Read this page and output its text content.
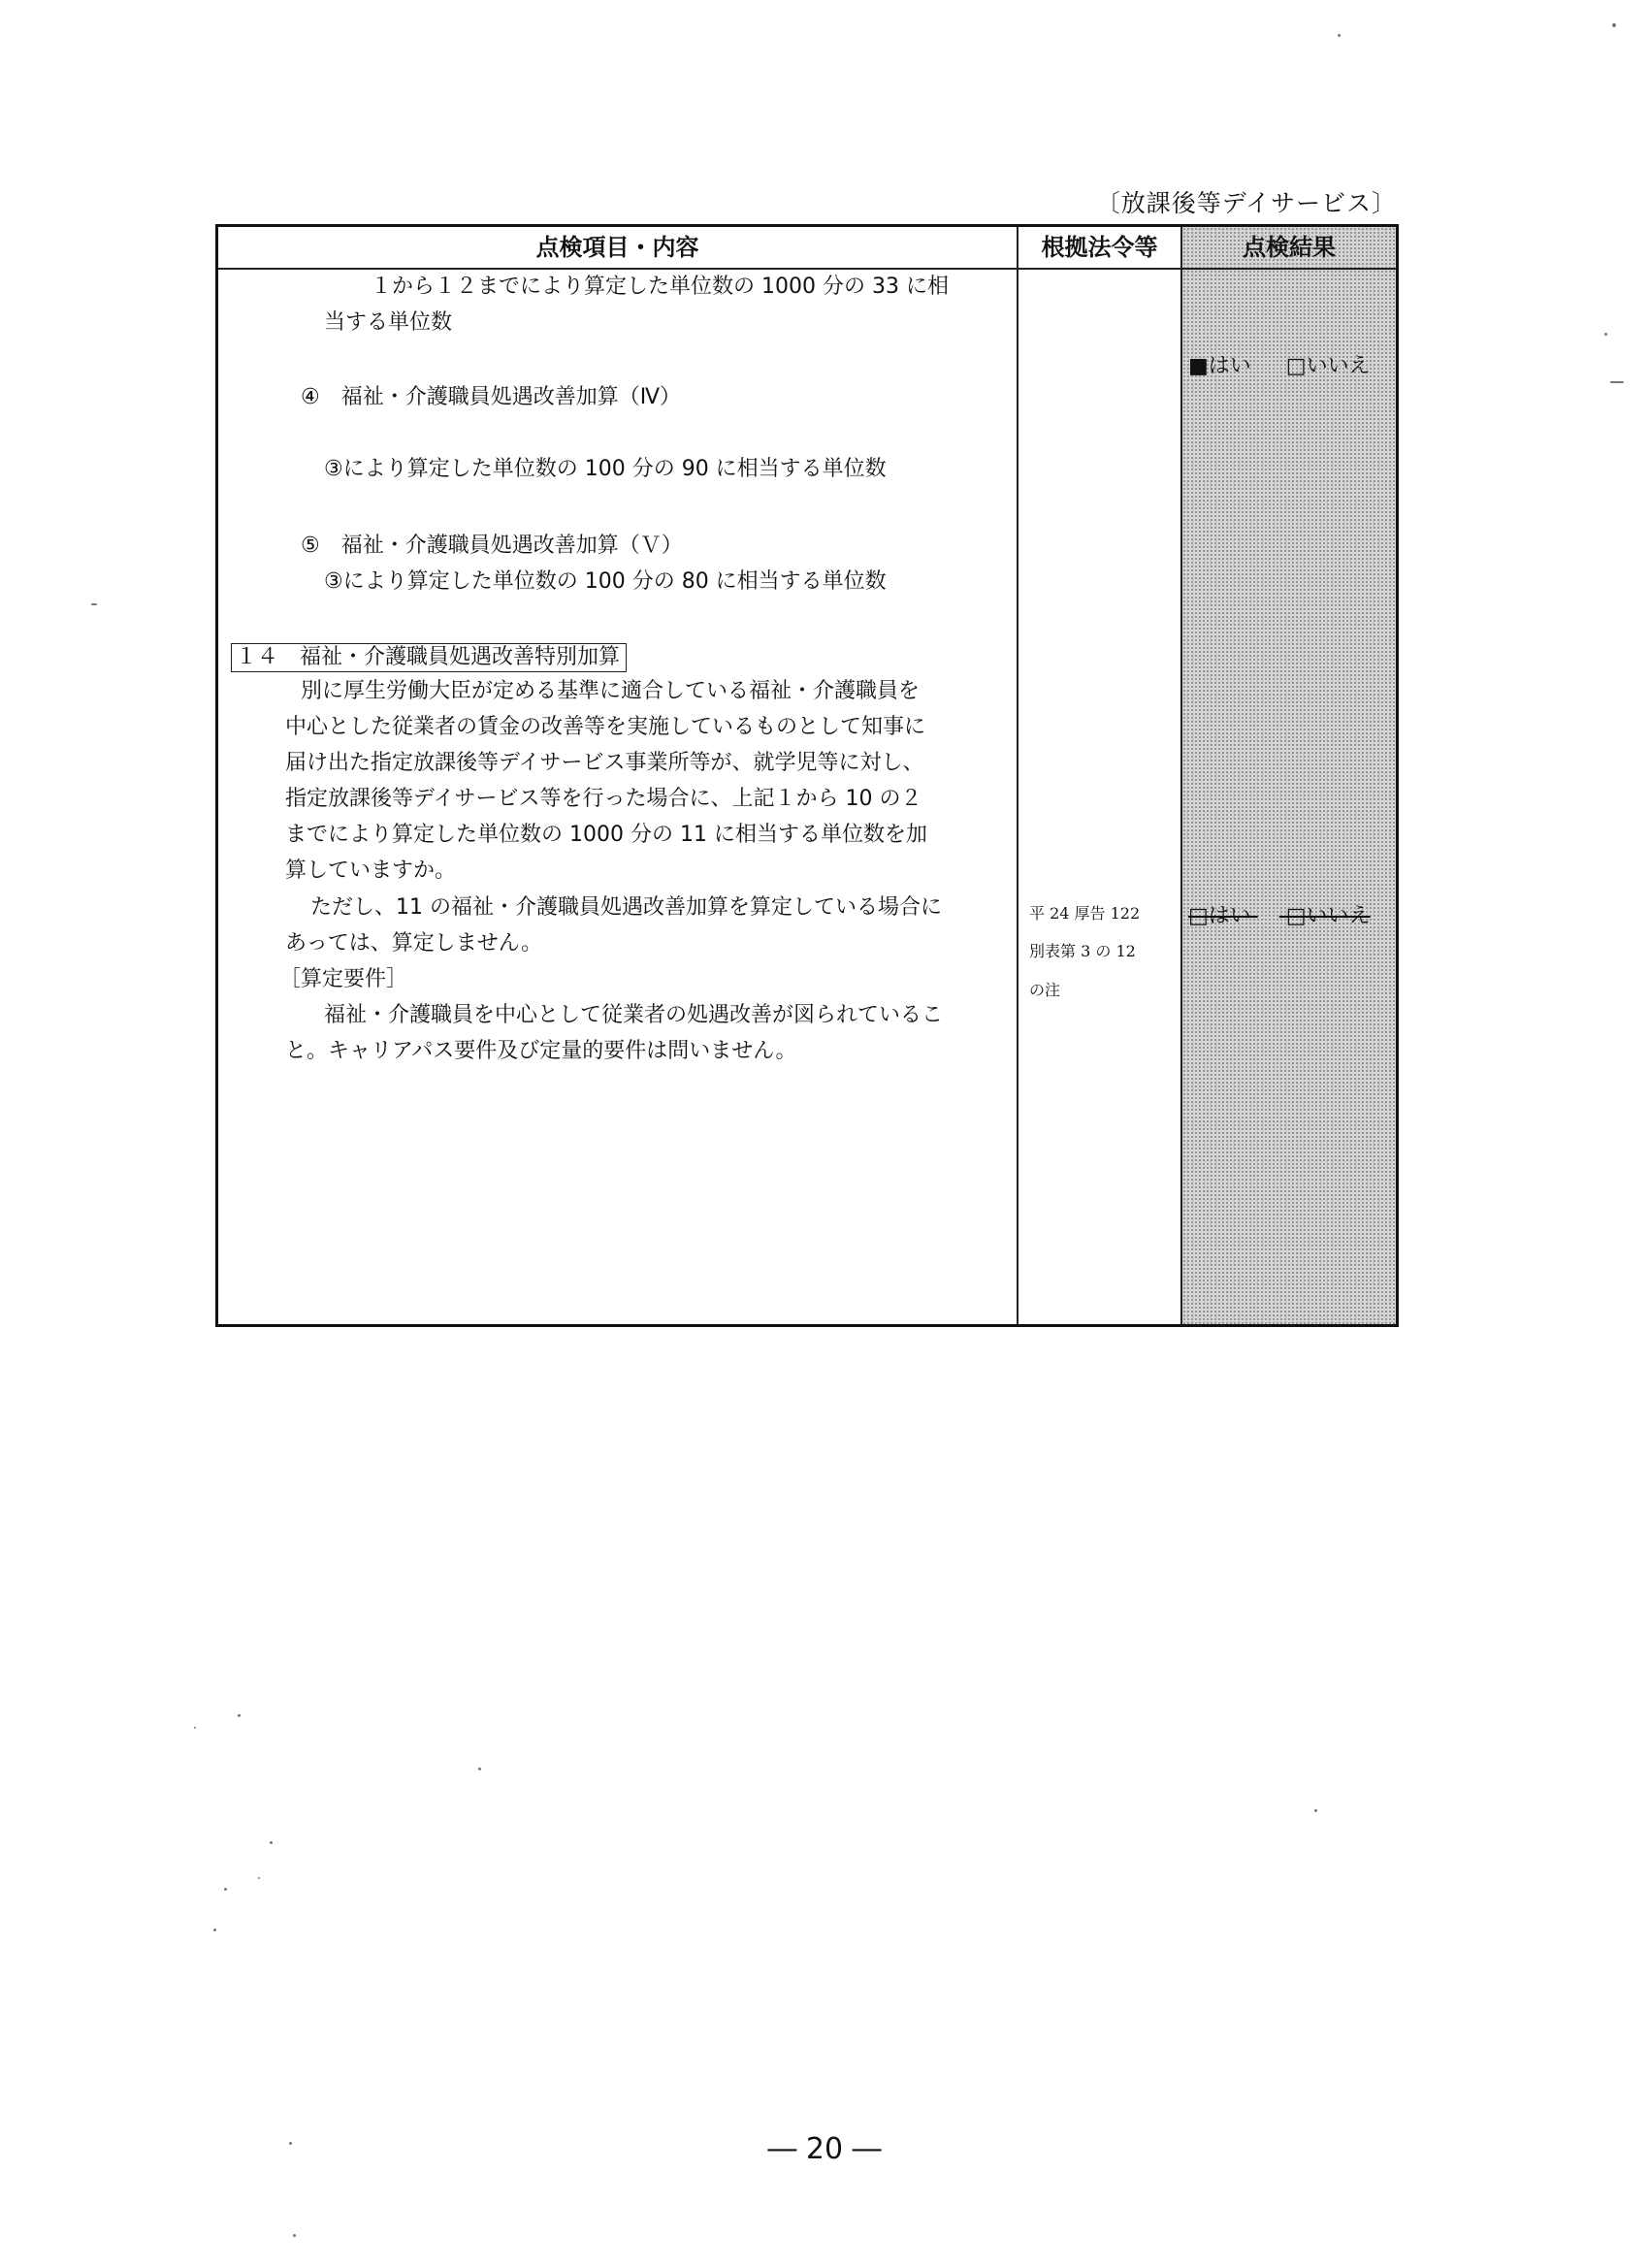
〔放課後等デイサービス〕
点検項目・内容	根拠法令等	点検結果
１から１２までにより算定した単位数の 1000 分の 33 に相
当する単位数
④　福祉・介護職員処遇改善加算（Ⅳ）
③により算定した単位数の 100 分の 90 に相当する単位数
⑤　福祉・介護職員処遇改善加算（Ｖ）
③により算定した単位数の 100 分の 80 に相当する単位数
１４　福祉・介護職員処遇改善特別加算
別に厚生労働大臣が定める基準に適合している福祉・介護職員を
中心とした従業者の賃金の改善等を実施しているものとして知事に
届け出た指定放課後等デイサービス事業所等が、就学児等に対し、
指定放課後等デイサービス等を行った場合に、上記１から 10 の２
までにより算定した単位数の 1000 分の 11 に相当する単位数を加
算していますか。
ただし、11 の福祉・介護職員処遇改善加算を算定している場合に
あっては、算定しません。
［算定要件］
福祉・介護職員を中心として従業者の処遇改善が図られているこ
と。キャリアパス要件及び定量的要件は問いません。
平 24 厚告 122
別表第 3 の 12
の注
■はい □いいえ
□はい □いいえ
― 20 ―
